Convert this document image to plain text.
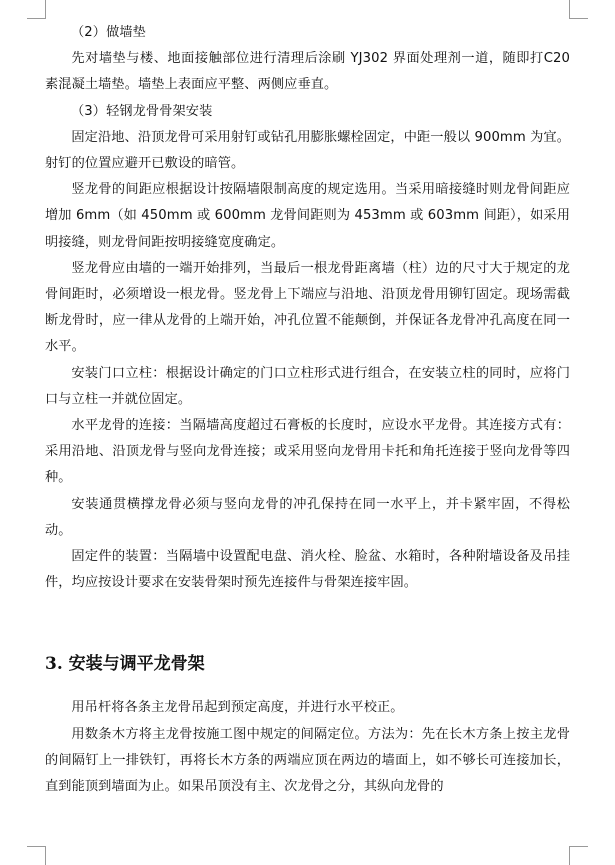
（2）做墙垫

先对墙垫与楼、地面接触部位进行清理后涂刷 YJ302 界面处理剂一道，随即打C20 素混凝土墙垫。墙垫上表面应平整、两侧应垂直。

（3）轻钢龙骨骨架安装

固定沿地、沿顶龙骨可采用射钉或钻孔用膨胀螺栓固定，中距一般以 900mm 为宜。射钉的位置应避开已敷设的暗管。

竖龙骨的间距应根据设计按隔墙限制高度的规定选用。当采用暗接缝时则龙骨间距应增加 6mm（如 450mm 或 600mm 龙骨间距则为 453mm 或 603mm 间距），如采用明接缝，则龙骨间距按明接缝宽度确定。

竖龙骨应由墙的一端开始排列，当最后一根龙骨距离墙（柱）边的尺寸大于规定的龙骨间距时，必须增设一根龙骨。竖龙骨上下端应与沿地、沿顶龙骨用铆钉固定。现场需截断龙骨时，应一律从龙骨的上端开始，冲孔位置不能颠倒，并保证各龙骨冲孔高度在同一水平。

安装门口立柱：根据设计确定的门口立柱形式进行组合，在安装立柱的同时，应将门口与立柱一并就位固定。

水平龙骨的连接：当隔墙高度超过石膏板的长度时，应设水平龙骨。其连接方式有：采用沿地、沿顶龙骨与竖向龙骨连接；或采用竖向龙骨用卡托和角托连接于竖向龙骨等四种。

安装通贯横撑龙骨必须与竖向龙骨的冲孔保持在同一水平上，并卡紧牢固，不得松动。

固定件的装置：当隔墙中设置配电盘、消火栓、脸盆、水箱时，各种附墙设备及吊挂件，均应按设计要求在安装骨架时预先连接件与骨架连接牢固。

3. 安装与调平龙骨架

用吊杆将各条主龙骨吊起到预定高度，并进行水平校正。

用数条木方将主龙骨按施工图中规定的间隔定位。方法为：先在长木方条上按主龙骨的间隔钉上一排铁钉，再将长木方条的两端应顶在两边的墙面上，如不够长可连接加长，直到能顶到墙面为止。如果吊顶没有主、次龙骨之分，其纵向龙骨的
